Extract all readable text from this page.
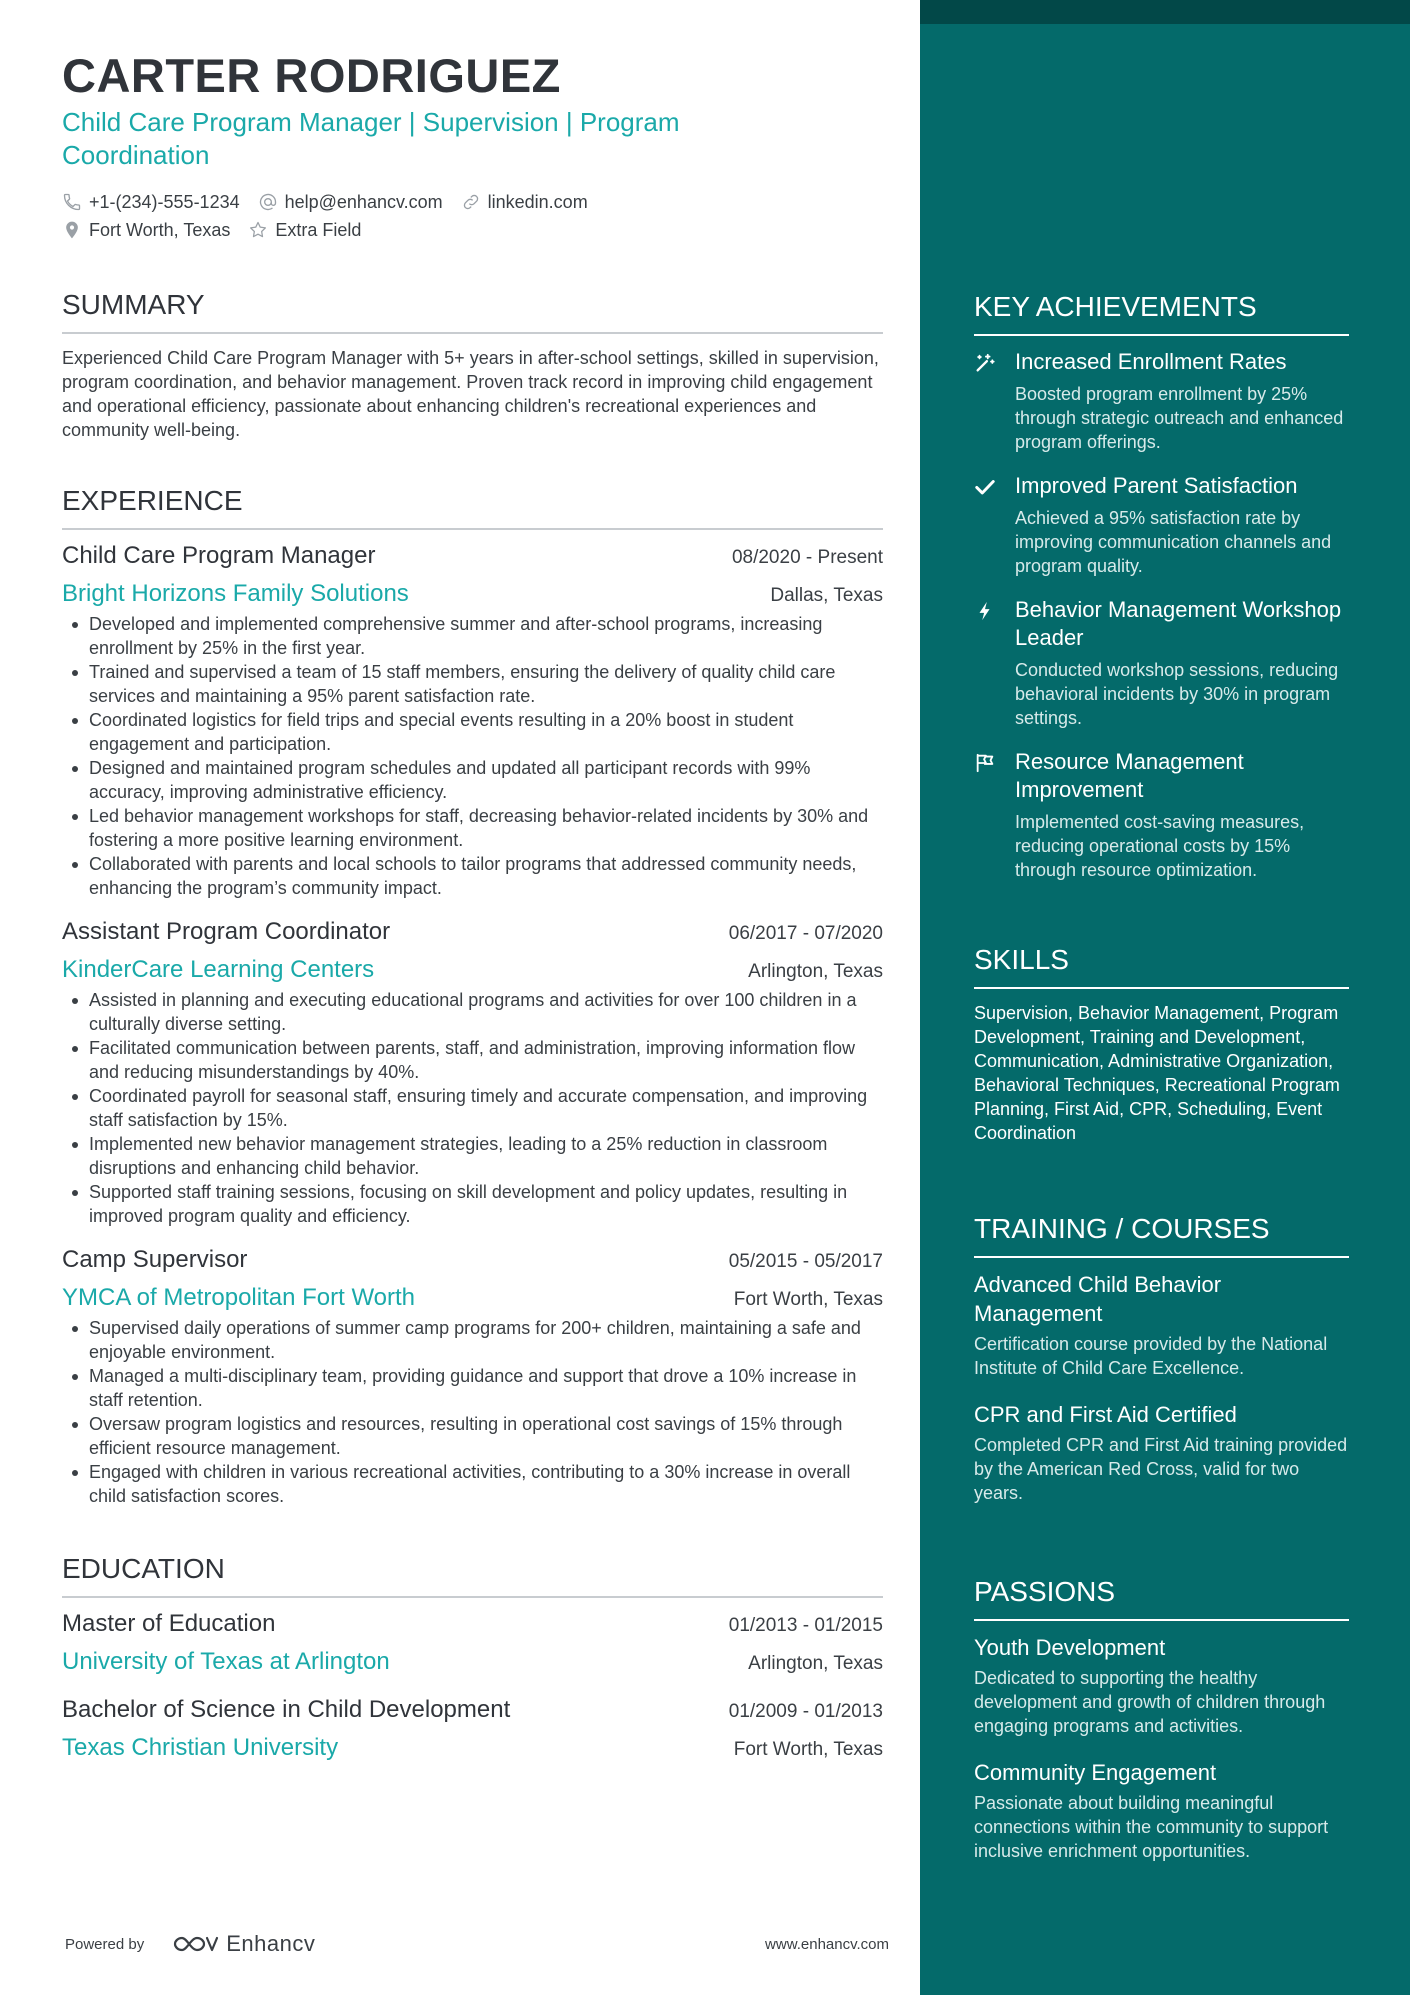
CARTER RODRIGUEZ
Child Care Program Manager | Supervision | Program Coordination
+1-(234)-555-1234	help@enhancv.com	linkedin.com
Fort Worth, Texas	Extra Field
SUMMARY
Experienced Child Care Program Manager with 5+ years in after-school settings, skilled in supervision, program coordination, and behavior management. Proven track record in improving child engagement and operational efficiency, passionate about enhancing children's recreational experiences and community well-being.
EXPERIENCE
Child Care Program Manager	08/2020 - Present
Bright Horizons Family Solutions	Dallas, Texas
Developed and implemented comprehensive summer and after-school programs, increasing enrollment by 25% in the first year.
Trained and supervised a team of 15 staff members, ensuring the delivery of quality child care services and maintaining a 95% parent satisfaction rate.
Coordinated logistics for field trips and special events resulting in a 20% boost in student engagement and participation.
Designed and maintained program schedules and updated all participant records with 99% accuracy, improving administrative efficiency.
Led behavior management workshops for staff, decreasing behavior-related incidents by 30% and fostering a more positive learning environment.
Collaborated with parents and local schools to tailor programs that addressed community needs, enhancing the program’s community impact.
Assistant Program Coordinator	06/2017 - 07/2020
KinderCare Learning Centers	Arlington, Texas
Assisted in planning and executing educational programs and activities for over 100 children in a culturally diverse setting.
Facilitated communication between parents, staff, and administration, improving information flow and reducing misunderstandings by 40%.
Coordinated payroll for seasonal staff, ensuring timely and accurate compensation, and improving staff satisfaction by 15%.
Implemented new behavior management strategies, leading to a 25% reduction in classroom disruptions and enhancing child behavior.
Supported staff training sessions, focusing on skill development and policy updates, resulting in improved program quality and efficiency.
Camp Supervisor	05/2015 - 05/2017
YMCA of Metropolitan Fort Worth	Fort Worth, Texas
Supervised daily operations of summer camp programs for 200+ children, maintaining a safe and enjoyable environment.
Managed a multi-disciplinary team, providing guidance and support that drove a 10% increase in staff retention.
Oversaw program logistics and resources, resulting in operational cost savings of 15% through efficient resource management.
Engaged with children in various recreational activities, contributing to a 30% increase in overall child satisfaction scores.
EDUCATION
Master of Education	01/2013 - 01/2015
University of Texas at Arlington	Arlington, Texas
Bachelor of Science in Child Development	01/2009 - 01/2013
Texas Christian University	Fort Worth, Texas
Powered by	Enhancv	www.enhancv.com
KEY ACHIEVEMENTS
Increased Enrollment Rates
Boosted program enrollment by 25% through strategic outreach and enhanced program offerings.
Improved Parent Satisfaction
Achieved a 95% satisfaction rate by improving communication channels and program quality.
Behavior Management Workshop Leader
Conducted workshop sessions, reducing behavioral incidents by 30% in program settings.
Resource Management Improvement
Implemented cost-saving measures, reducing operational costs by 15% through resource optimization.
SKILLS
Supervision, Behavior Management, Program Development, Training and Development, Communication, Administrative Organization, Behavioral Techniques, Recreational Program Planning, First Aid, CPR, Scheduling, Event Coordination
TRAINING / COURSES
Advanced Child Behavior Management
Certification course provided by the National Institute of Child Care Excellence.
CPR and First Aid Certified
Completed CPR and First Aid training provided by the American Red Cross, valid for two years.
PASSIONS
Youth Development
Dedicated to supporting the healthy development and growth of children through engaging programs and activities.
Community Engagement
Passionate about building meaningful connections within the community to support inclusive enrichment opportunities.
